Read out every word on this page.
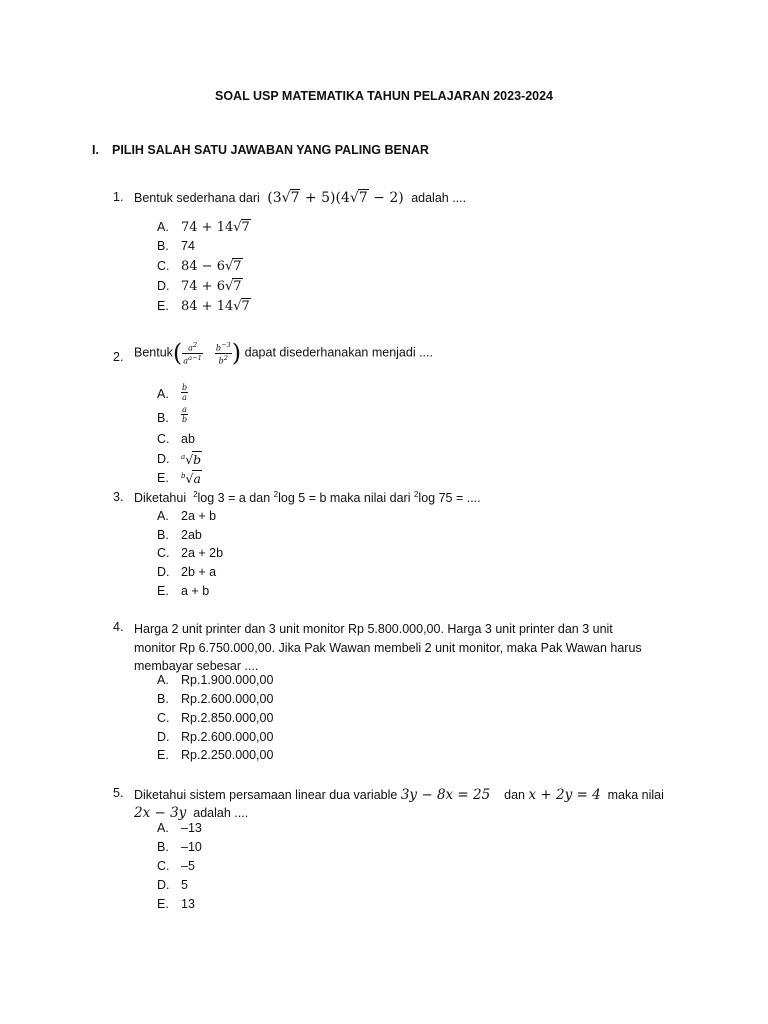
SOAL USP MATEMATIKA TAHUN PELAJARAN 2023-2024
I. PILIH SALAH SATU JAWABAN YANG PALING BENAR
1. Bentuk sederhana dari (3√7 + 5)(4√7 − 2) adalah ....
A. 74 + 14√7
B. 74
C. 84 − 6√7
D. 74 + 6√7
E. 84 + 14√7
2. Bentuk( $\frac{a^2}{a^{a-1}} \frac{b^{-3}}{b^2}$ ) dapat disederhanakan menjadi ....
A. $\frac{b}{a}$
B. $\frac{a}{b}$
C. ab
D. $^a$√b
E. $^b$√a
3. Diketahui $^2$log 3 = a dan $^2$log 5 = b maka nilai dari $^2$log 75 = ....
A. 2a + b
B. 2ab
C. 2a + 2b
D. 2b + a
E. a + b
4. Harga 2 unit printer dan 3 unit monitor Rp 5.800.000,00. Harga 3 unit printer dan 3 unit
monitor Rp 6.750.000,00. Jika Pak Wawan membeli 2 unit monitor, maka Pak Wawan harus
membayar sebesar ....
A. Rp.1.900.000,00
B. Rp.2.600.000,00
C. Rp.2.850.000,00
D. Rp.2.600.000,00
E. Rp.2.250.000,00
5. Diketahui sistem persamaan linear dua variable 3y − 8x = 25 dan x + 2y = 4 maka nilai
2x − 3y adalah ....
A. –13
B. –10
C. –5
D. 5
E. 13
